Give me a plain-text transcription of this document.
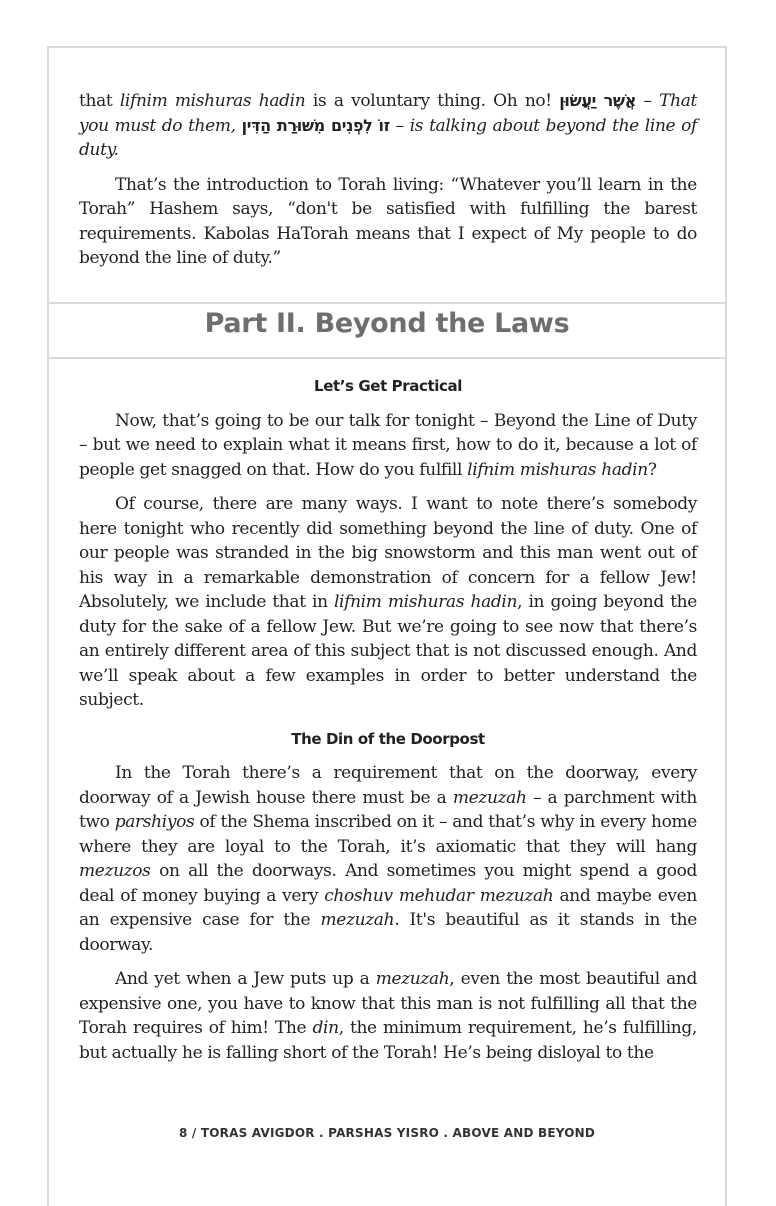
that lifnim mishuras hadin is a voluntary thing. Oh no! אֲשֶׁר יַעֲשׂוּן – That you must do them, זוֹ לִפְנִים מִשּׁוּרַת הַדִּין – is talking about beyond the line of duty.

That’s the introduction to Torah living: “Whatever you’ll learn in the Torah” Hashem says, “don't be satisfied with fulfilling the barest requirements. Kabolas HaTorah means that I expect of My people to do beyond the line of duty.”

Part II. Beyond the Laws
Let’s Get Practical

Now, that’s going to be our talk for tonight – Beyond the Line of Duty – but we need to explain what it means first, how to do it, because a lot of people get snagged on that. How do you fulfill lifnim mishuras hadin?

Of course, there are many ways. I want to note there’s somebody here tonight who recently did something beyond the line of duty. One of our people was stranded in the big snowstorm and this man went out of his way in a remarkable demonstration of concern for a fellow Jew! Absolutely, we include that in lifnim mishuras hadin, in going beyond the duty for the sake of a fellow Jew. But we’re going to see now that there’s an entirely different area of this subject that is not discussed enough. And we’ll speak about a few examples in order to better understand the subject.

The Din of the Doorpost

In the Torah there’s a requirement that on the doorway, every doorway of a Jewish house there must be a mezuzah – a parchment with two parshiyos of the Shema inscribed on it – and that’s why in every home where they are loyal to the Torah, it’s axiomatic that they will hang mezuzos on all the doorways. And sometimes you might spend a good deal of money buying a very choshuv mehudar mezuzah and maybe even an expensive case for the mezuzah. It's beautiful as it stands in the doorway.

And yet when a Jew puts up a mezuzah, even the most beautiful and expensive one, you have to know that this man is not fulfilling all that the Torah requires of him! The din, the minimum requirement, he’s fulfilling, but actually he is falling short of the Torah! He’s being disloyal to the

8 / TORAS AVIGDOR . PARSHAS YISRO . ABOVE AND BEYOND
